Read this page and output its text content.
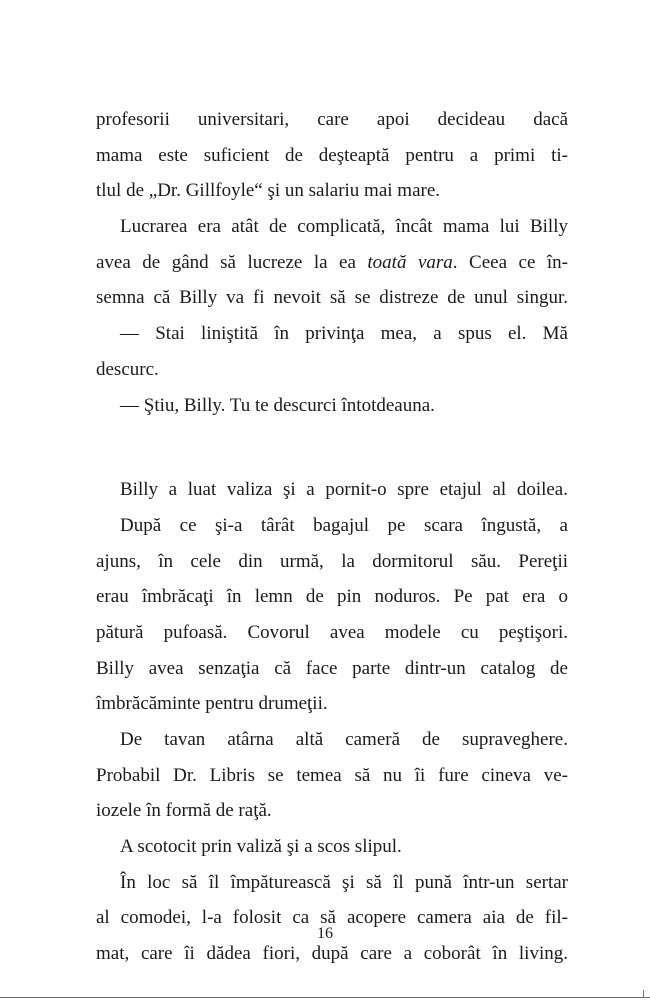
profesorii universitari, care apoi decideau dacă
mama este suficient de deşteaptă pentru a primi ti-
tlul de „Dr. Gillfoyle“ şi un salariu mai mare.
Lucrarea era atât de complicată, încât mama lui Billy
avea de gând să lucreze la ea toată vara. Ceea ce în-
semna că Billy va fi nevoit să se distreze de unul singur.
— Stai liniştită în privinţa mea, a spus el. Mă
descurc.
— Ştiu, Billy. Tu te descurci întotdeauna.
Billy a luat valiza şi a pornit-o spre etajul al doilea.
După ce şi-a târât bagajul pe scara îngustă, a
ajuns, în cele din urmă, la dormitorul său. Pereţii
erau îmbrăcaţi în lemn de pin noduros. Pe pat era o
pătură pufoasă. Covorul avea modele cu peştişori.
Billy avea senzaţia că face parte dintr-un catalog de
îmbrăcăminte pentru drumeţii.
De tavan atârna altă cameră de supraveghere.
Probabil Dr. Libris se temea să nu îi fure cineva ve-
iozele în formă de raţă.
A scotocit prin valiză şi a scos slipul.
În loc să îl împăturească şi să îl pună într-un sertar
al comodei, l-a folosit ca să acopere camera aia de fil-
mat, care îi dădea fiori, după care a coborât în living.
16
